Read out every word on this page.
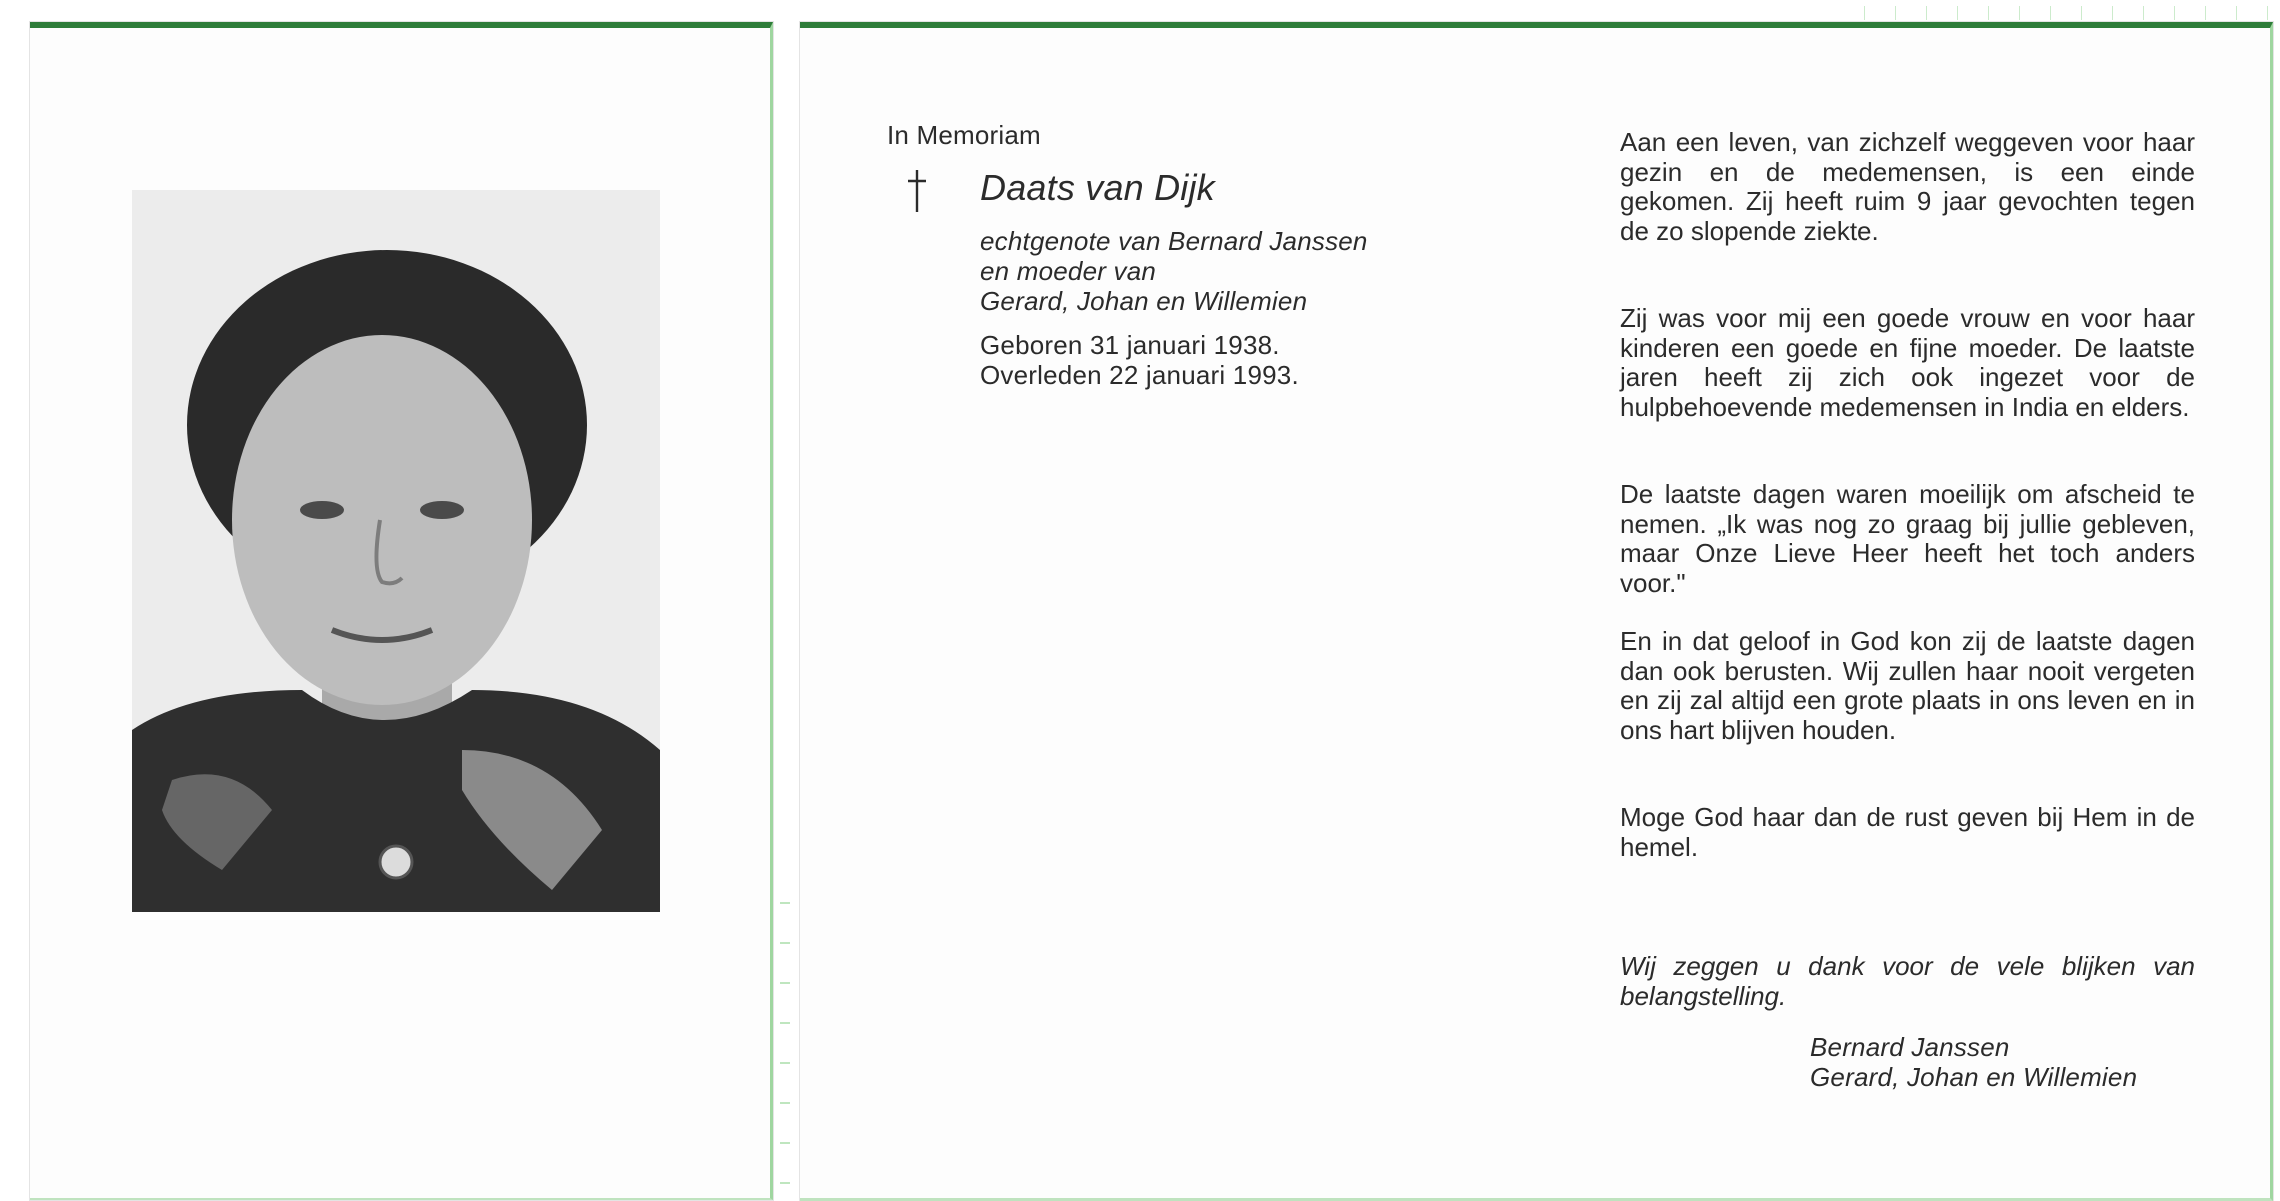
In Memoriam
Daats van Dijk
echtgenote van Bernard Janssen
en moeder van
Gerard, Johan en Willemien
Geboren 31 januari 1938.
Overleden 22 januari 1993.

Aan een leven, van zichzelf weggeven voor haar gezin en de medemensen, is een einde gekomen. Zij heeft ruim 9 jaar gevochten tegen de zo slopende ziekte.

Zij was voor mij een goede vrouw en voor haar kinderen een goede en fijne moeder. De laatste jaren heeft zij zich ook ingezet voor de hulpbehoevende medemensen in India en elders.

De laatste dagen waren moeilijk om afscheid te nemen. „Ik was nog zo graag bij jullie gebleven, maar Onze Lieve Heer heeft het toch anders voor."

En in dat geloof in God kon zij de laatste dagen dan ook berusten. Wij zullen haar nooit vergeten en zij zal altijd een grote plaats in ons leven en in ons hart blijven houden.

Moge God haar dan de rust geven bij Hem in de hemel.

Wij zeggen u dank voor de vele blijken van belangstelling.

Bernard Janssen
Gerard, Johan en Willemien
